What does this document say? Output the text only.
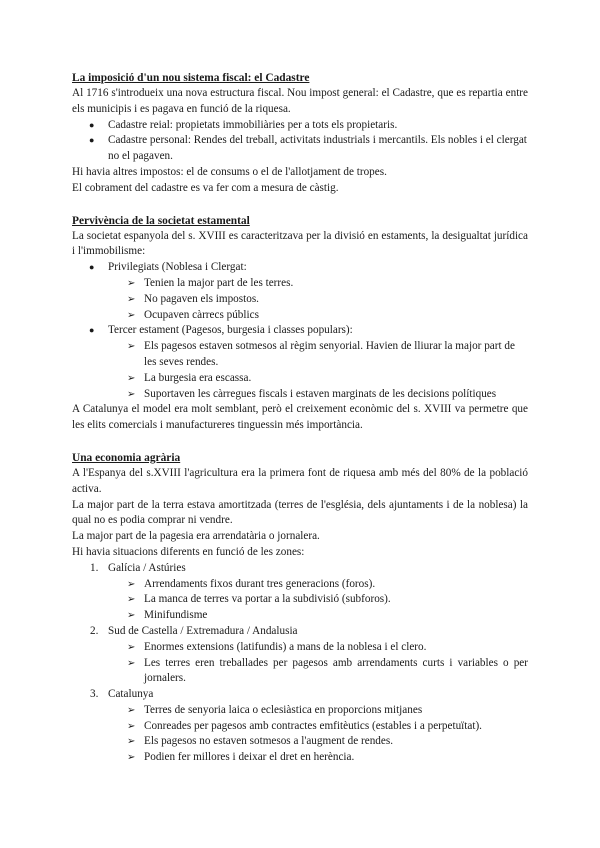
La imposició d'un nou sistema fiscal: el Cadastre

Al 1716 s'introdueix una nova estructura fiscal. Nou impost general: el Cadastre, que es repartia entre els municipis i es pagava en funció de la riquesa.

● Cadastre reial: propietats immobiliàries per a tots els propietaris.
● Cadastre personal: Rendes del treball, activitats industrials i mercantils. Els nobles i el clergat no el pagaven.

Hi havia altres impostos: el de consums o el de l'allotjament de tropes.

El cobrament del cadastre es va fer com a mesura de càstig.

Pervivència de la societat estamental

La societat espanyola del s. XVIII es caracteritzava per la divisió en estaments, la desigualtat jurídica i l'immobilisme:

● Privilegiats (Noblesa i Clergat:
➢ Tenien la major part de les terres.
➢ No pagaven els impostos.
➢ Ocupaven càrrecs públics
● Tercer estament (Pagesos, burgesia i classes populars):
➢ Els pagesos estaven sotmesos al règim senyorial. Havien de lliurar la major part de les seves rendes.
➢ La burgesia era escassa.
➢ Suportaven les càrregues fiscals i estaven marginats de les decisions polítiques

A Catalunya el model era molt semblant, però el creixement econòmic del s. XVIII va permetre que les elits comercials i manufactureres tinguessin més importància.

Una economia agrària

A l'Espanya del s.XVIII l'agricultura era la primera font de riquesa amb més del 80% de la població activa.

La major part de la terra estava amortitzada (terres de l'església, dels ajuntaments i de la noblesa) la qual no es podia comprar ni vendre.

La major part de la pagesia era arrendatària o jornalera.

Hi havia situacions diferents en funció de les zones:

1. Galícia / Astúries
➢ Arrendaments fixos durant tres generacions (foros).
➢ La manca de terres va portar a la subdivisió (subforos).
➢ Minifundisme
2. Sud de Castella / Extremadura / Andalusia
➢ Enormes extensions (latifundis) a mans de la noblesa i el clero.
➢ Les terres eren treballades per pagesos amb arrendaments curts i variables o per jornalers.
3. Catalunya
➢ Terres de senyoria laica o eclesiàstica en proporcions mitjanes
➢ Conreades per pagesos amb contractes emfitèutics (estables i a perpetuïtat).
➢ Els pagesos no estaven sotmesos a l'augment de rendes.
➢ Podien fer millores i deixar el dret en herència.
